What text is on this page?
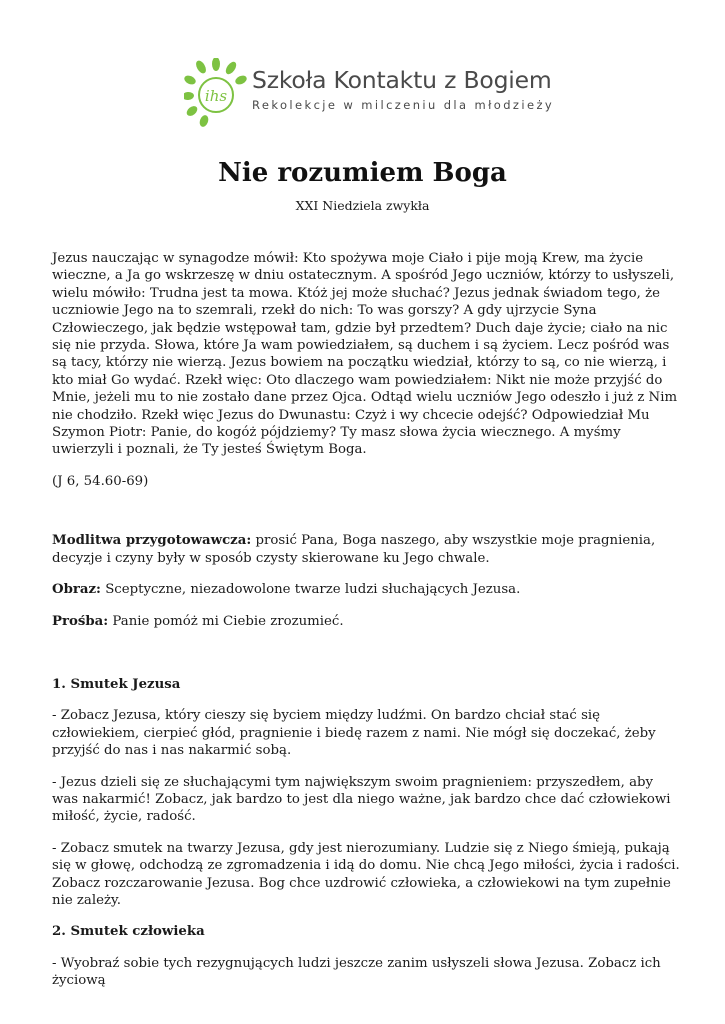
ihs
Szkoła Kontaktu z Bogiem
Rekolekcje w milczeniu dla młodzieży
Nie rozumiem Boga
XXI Niedziela zwykła

Jezus nauczając w synagodze mówił: Kto spożywa moje Ciało i pije moją Krew, ma życie wieczne, a Ja go wskrzeszę w dniu ostatecznym. A spośród Jego uczniów, którzy to usłyszeli, wielu mówiło: Trudna jest ta mowa. Któż jej może słuchać? Jezus jednak świadom tego, że uczniowie Jego na to szemrali, rzekł do nich: To was gorszy? A gdy ujrzycie Syna Człowieczego, jak będzie wstępował tam, gdzie był przedtem? Duch daje życie; ciało na nic się nie przyda. Słowa, które Ja wam powiedziałem, są duchem i są życiem. Lecz pośród was są tacy, którzy nie wierzą. Jezus bowiem na początku wiedział, którzy to są, co nie wierzą, i kto miał Go wydać. Rzekł więc: Oto dlaczego wam powiedziałem: Nikt nie może przyjść do Mnie, jeżeli mu to nie zostało dane przez Ojca. Odtąd wielu uczniów Jego odeszło i już z Nim nie chodziło. Rzekł więc Jezus do Dwunastu: Czyż i wy chcecie odejść? Odpowiedział Mu Szymon Piotr: Panie, do kogóż pójdziemy? Ty masz słowa życia wiecznego. A myśmy uwierzyli i poznali, że Ty jesteś Świętym Boga.

(J 6, 54.60-69)

Modlitwa przygotowawcza: prosić Pana, Boga naszego, aby wszystkie moje pragnienia, decyzje i czyny były w sposób czysty skierowane ku Jego chwale.

Obraz: Sceptyczne, niezadowolone twarze ludzi słuchających Jezusa.

Prośba: Panie pomóż mi Ciebie zrozumieć.

1. Smutek Jezusa

- Zobacz Jezusa, który cieszy się byciem między ludźmi. On bardzo chciał stać się człowiekiem, cierpieć głód, pragnienie i biedę razem z nami. Nie mógł się doczekać, żeby przyjść do nas i nas nakarmić sobą.

- Jezus dzieli się ze słuchającymi tym największym swoim pragnieniem: przyszedłem, aby was nakarmić! Zobacz, jak bardzo to jest dla niego ważne, jak bardzo chce dać człowiekowi miłość, życie, radość.

- Zobacz smutek na twarzy Jezusa, gdy jest nierozumiany. Ludzie się z Niego śmieją, pukają się w głowę, odchodzą ze zgromadzenia i idą do domu. Nie chcą Jego miłości, życia i radości. Zobacz rozczarowanie Jezusa. Bog chce uzdrowić człowieka, a człowiekowi na tym zupełnie nie zależy.

2. Smutek człowieka

- Wyobraź sobie tych rezygnujących ludzi jeszcze zanim usłyszeli słowa Jezusa. Zobacz ich życiową
